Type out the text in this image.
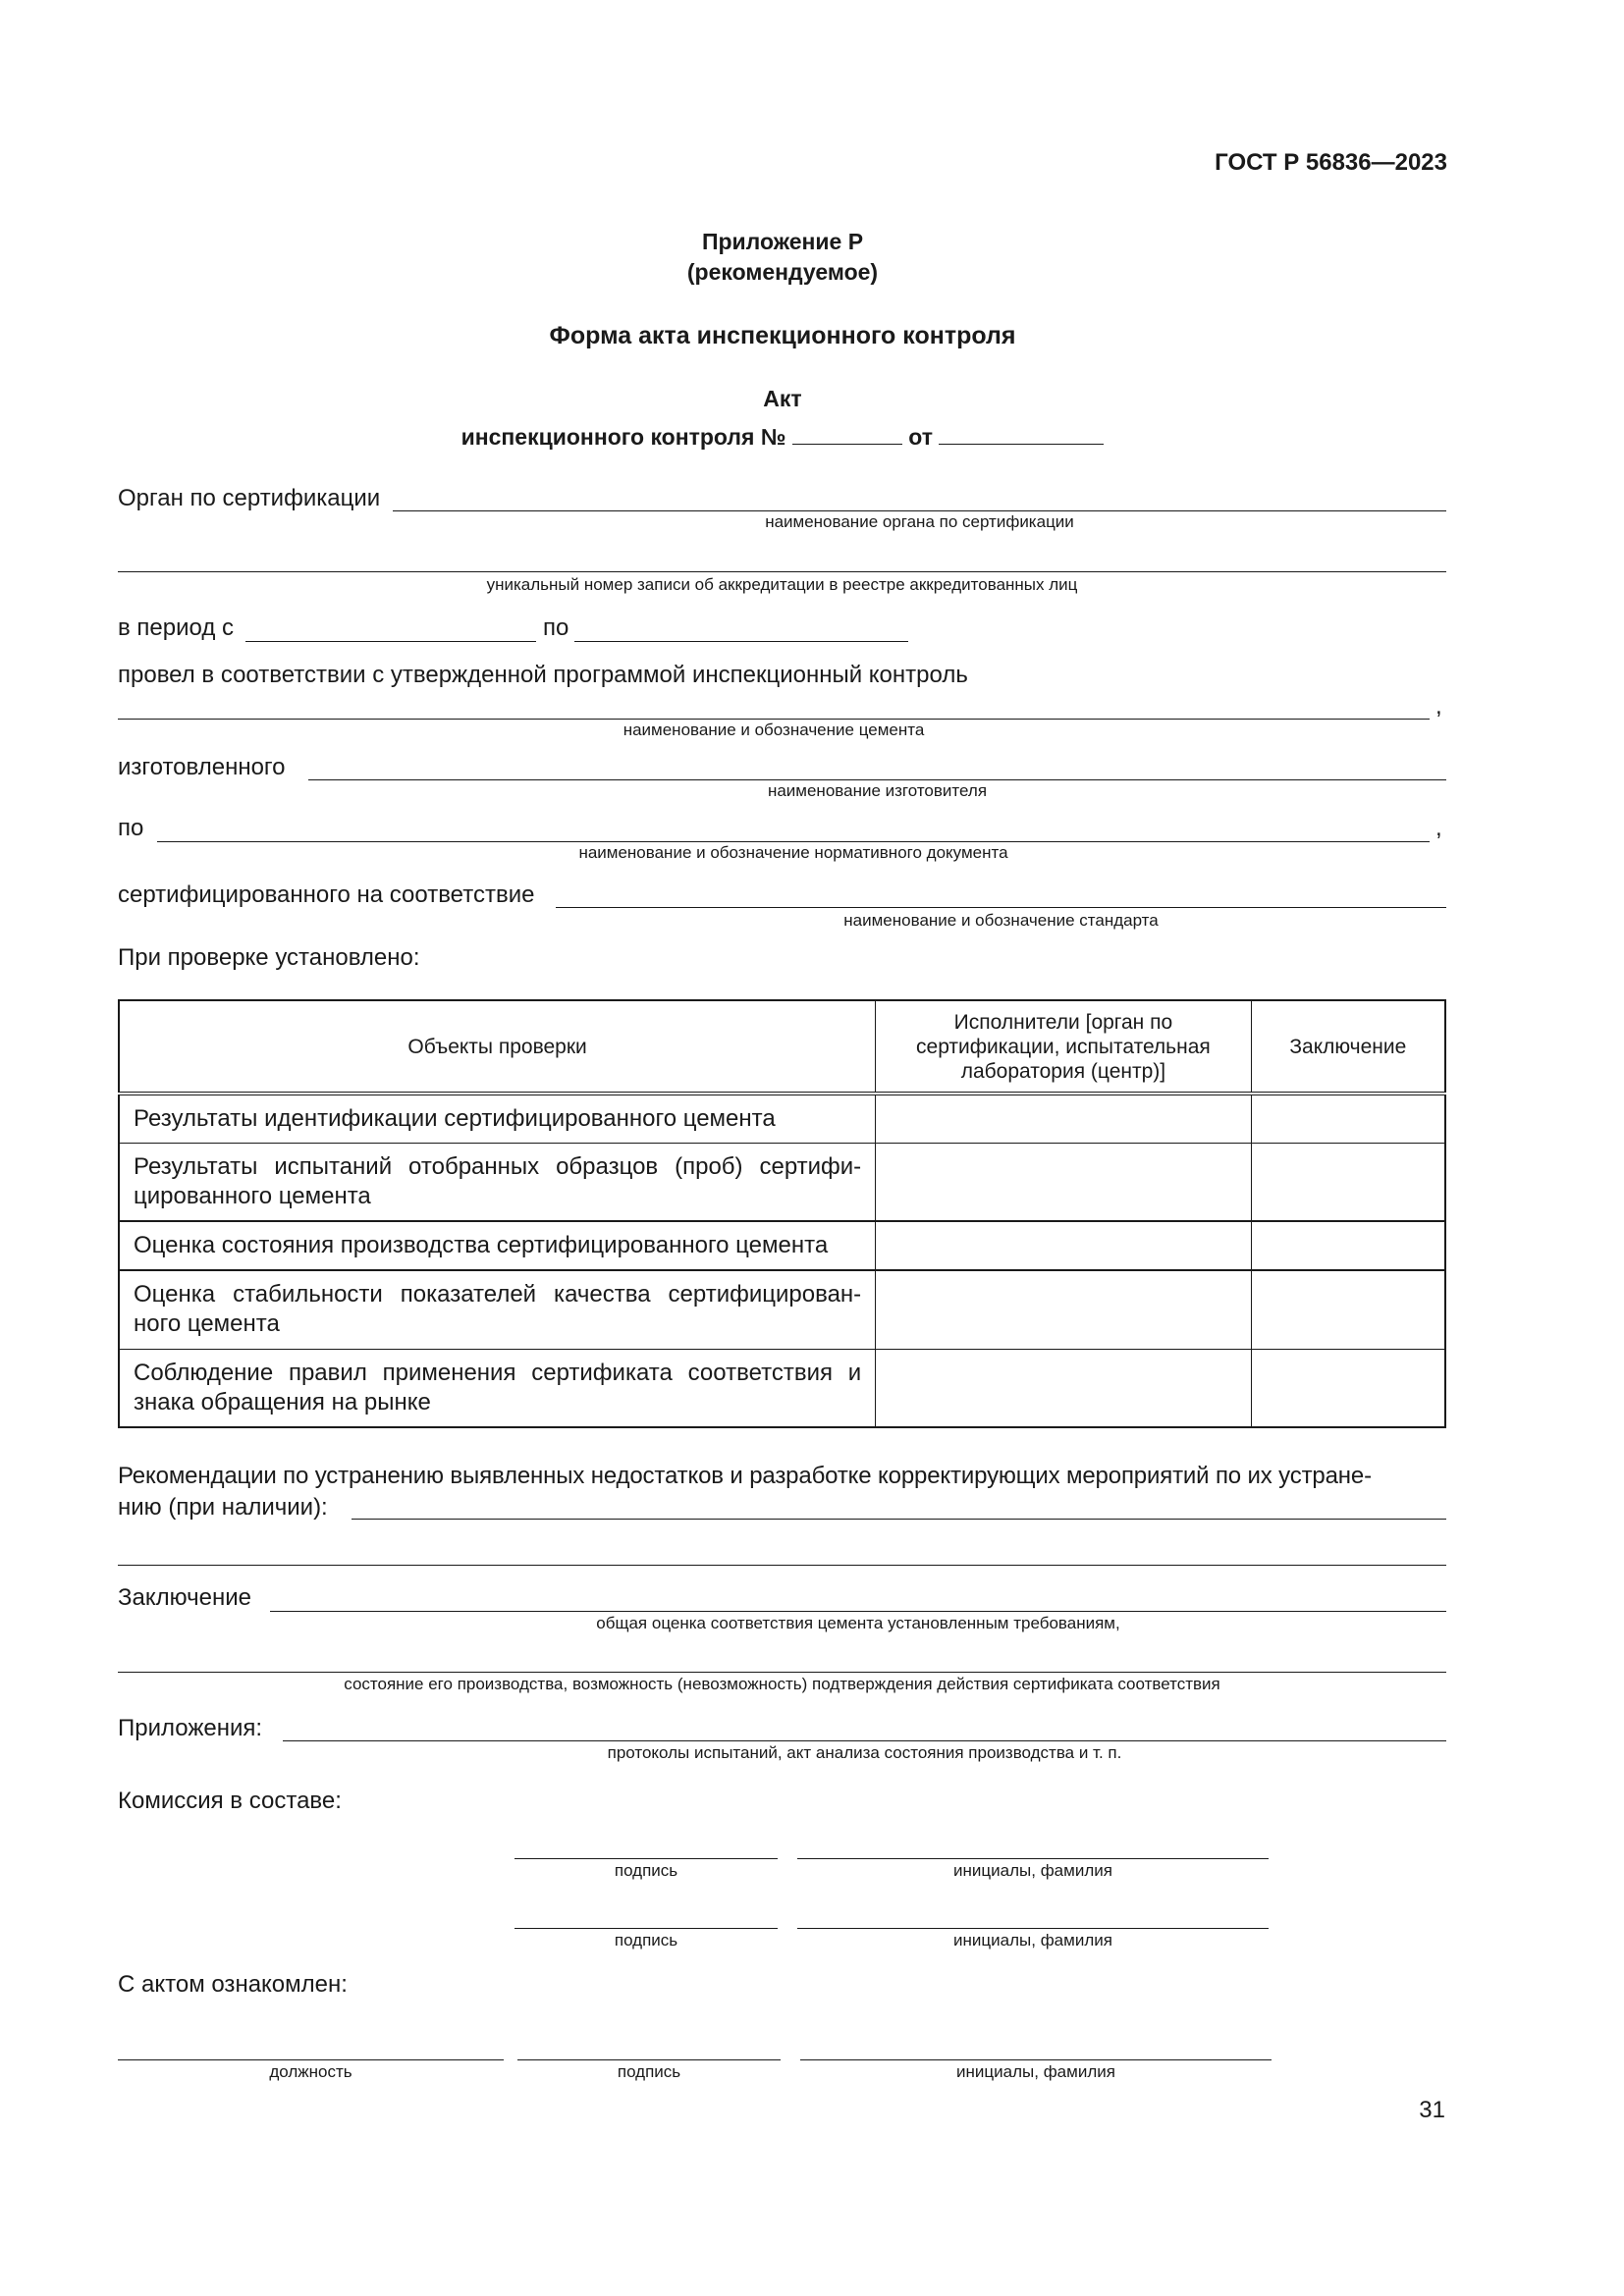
ГОСТ Р 56836—2023
Приложение Р
(рекомендуемое)
Форма акта инспекционного контроля
Акт
инспекционного контроля №	от
Орган по сертификации
наименование органа по сертификации
уникальный номер записи об аккредитации в реестре аккредитованных лиц
в период с	по
провел в соответствии с утвержденной программой инспекционный контроль
,
наименование и обозначение цемента
изготовленного
наименование изготовителя
по	,
наименование и обозначение нормативного документа
сертифицированного на соответствие
наименование и обозначение стандарта
При проверке установлено:
Объекты проверки	Исполнители [орган по сертификации, испытательная лаборатория (центр)]	Заключение
Результаты идентификации сертифицированного цемента		
Результаты испытаний отобранных образцов (проб) сертифи-цированного цемента		
Оценка состояния производства сертифицированного цемента		
Оценка стабильности показателей качества сертифицирован-ного цемента		
Соблюдение правил применения сертификата соответствия и знака обращения на рынке		
Рекомендации по устранению выявленных недостатков и разработке корректирующих мероприятий по их устране-
нию (при наличии):
Заключение
общая оценка соответствия цемента установленным требованиям,
состояние его производства, возможность (невозможность) подтверждения действия сертификата соответствия
Приложения:
протоколы испытаний, акт анализа состояния производства и т. п.
Комиссия в составе:
подпись	инициалы, фамилия
подпись	инициалы, фамилия
С актом ознакомлен:
должность	подпись	инициалы, фамилия
31
